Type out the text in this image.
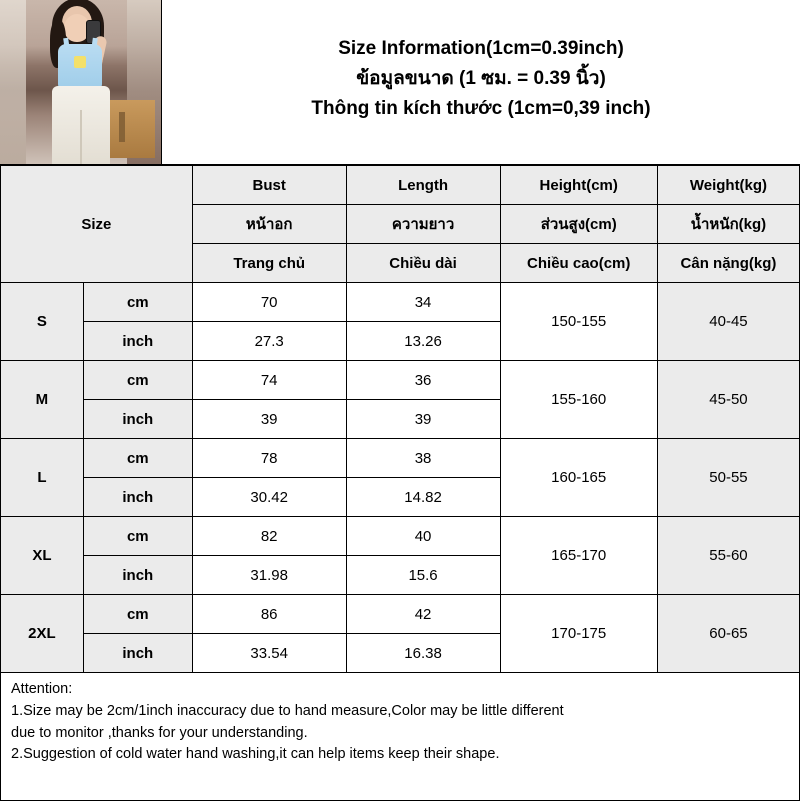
Size Information(1cm=0.39inch)
ข้อมูลขนาด (1 ซม. = 0.39 นิ้ว)
Thông tin kích thước (1cm=0,39 inch)
Size		Bust	Length	Height(cm)	Weight(kg)
		หน้าอก	ความยาว	ส่วนสูง(cm)	น้ำหนัก(kg)
		Trang chủ	Chiều dài	Chiều cao(cm)	Cân nặng(kg)
S	cm	70	34	150-155	40-45
	inch	27.3	13.26		
M	cm	74	36	155-160	45-50
	inch	39	39		
L	cm	78	38	160-165	50-55
	inch	30.42	14.82		
XL	cm	82	40	165-170	55-60
	inch	31.98	15.6		
2XL	cm	86	42	170-175	60-65
	inch	33.54	16.38		
Attention:
1.Size may be 2cm/1inch inaccuracy due to hand measure,Color may be little different
due to monitor ,thanks for your understanding.
2.Suggestion of cold water hand washing,it can help items keep their shape.
